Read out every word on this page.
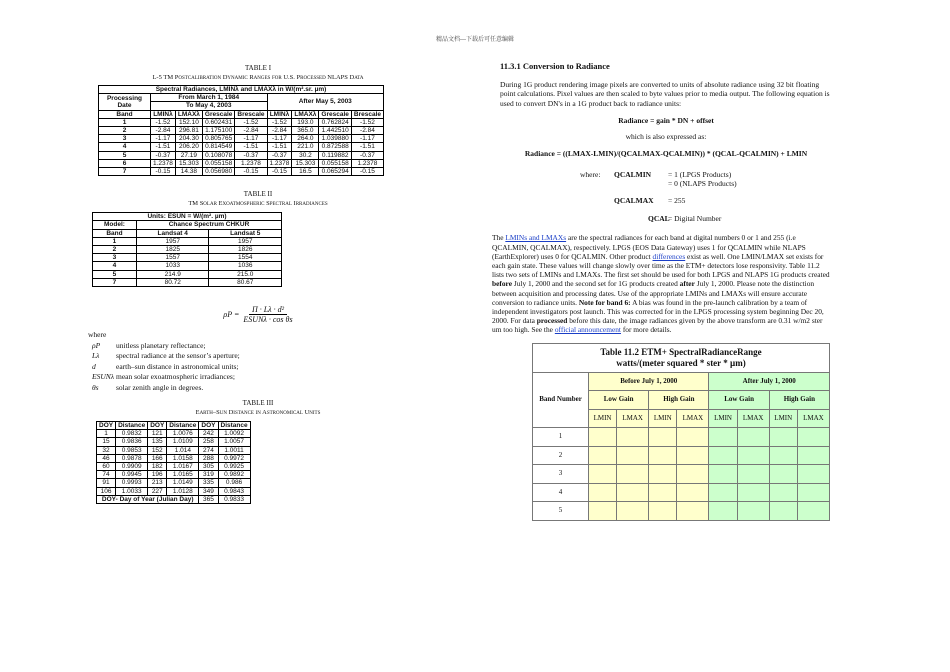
精品文档---下载后可任意编辑
TABLE I
L-5 TM Postcalibration Dynamic Ranges for U.S. Processed NLAPS Data
Spectral Radiances, LMINλ and LMAXλ in W/(m².sr. µm)								
Processing Date	From March 1, 1984				After May 5, 2003			
	To May 4, 2003							
Band	LMINλ	LMAXλ	Grescale	Brescale	LMINλ	LMAXλ	Grescale	Brescale
1	-1.52	152.10	0.602431	-1.52	-1.52	193.0	0.762824	-1.52
2	-2.84	296.81	1.175100	-2.84	-2.84	365.0	1.442510	-2.84
3	-1.17	204.30	0.805765	-1.17	-1.17	264.0	1.039880	-1.17
4	-1.51	206.20	0.814549	-1.51	-1.51	221.0	0.872588	-1.51
5	-0.37	27.19	0.108078	-0.37	-0.37	30.2	0.119882	-0.37
6	1.2378	15.303	0.055158	1.2378	1.2378	15.303	0.055158	1.2378
7	-0.15	14.38	0.056980	-0.15	-0.15	16.5	0.065294	-0.15
TABLE II
TM Solar Exoatmospheric Spectral Irradiances
Units: ESUN = W/(m². µm)		
Model:	Chance Spectrum CHKUR	
Band	Landsat 4	Landsat 5
1	1957	1957
2	1825	1826
3	1557	1554
4	1033	1036
5	214.9	215.0
7	80.72	80.67
ρP =
Π · Lλ · d²
ESUNλ · cos θs
where
ρP	unitless planetary reflectance;
Lλ	spectral radiance at the sensor’s aperture;
d	earth–sun distance in astronomical units;
ESUNλ mean solar exoatmospheric irradiances;
θs	solar zenith angle in degrees.
TABLE III
Earth–Sun Distance in Astronomical Units
DOY	Distance	DOY	Distance	DOY	Distance
1	0.9832	121	1.0076	242	1.0092
15	0.9836	135	1.0109	258	1.0057
32	0.9853	152	1.014	274	1.0011
46	0.9878	166	1.0158	288	0.9972
60	0.9909	182	1.0167	305	0.9925
74	0.9945	196	1.0165	319	0.9892
91	0.9993	213	1.0149	335	0.986
106	1.0033	227	1.0128	349	0.9843
DOY- Day of Year (Julian Day)				365	0.9833
11.3.1 Conversion to Radiance

During 1G product rendering image pixels are converted to units of absolute radiance using 32 bit floating point calculations. Pixel values are then scaled to byte values prior to media output. The following equation is used to convert DN's in a 1G product back to radiance units:

Radiance = gain * DN + offset
which is also expressed as:
Radiance = ((LMAX-LMIN)/(QCALMAX-QCALMIN)) * (QCAL-QCALMIN) + LMIN
where:	QCALMIN	= 1 (LPGS Products)
= 0 (NLAPS Products)
QCALMAX	= 255
QCAL
= Digital Number

The LMINs and LMAXs are the spectral radiances for each band at digital numbers 0 or 1 and 255 (i.e QCALMIN, QCALMAX), respectively. LPGS (EOS Data Gateway) uses 1 for QCALMIN while NLAPS (EarthExplorer) uses 0 for QCALMIN. Other product differences exist as well. One LMIN/LMAX set exists for each gain state. These values will change slowly over time as the ETM+ detectors lose responsivity. Table 11.2 lists two sets of LMINs and LMAXs. The first set should be used for both LPGS and NLAPS 1G products created before July 1, 2000 and the second set for 1G products created after July 1, 2000. Please note the distinction between acquisition and processing dates. Use of the appropriate LMINs and LMAXs will ensure accurate conversion to radiance units. Note for band 6: A bias was found in the pre-launch calibration by a team of independent investigators post launch. This was corrected for in the LPGS processing system beginning Dec 20, 2000. For data processed before this date, the image radiances given by the above transform are 0.31 w/m2 ster um too high. See the official announcement for more details.

Table 11.2 ETM+ SpectralRadianceRange
watts/(meter squared * ster * µm)								
Band Number	Before July 1, 2000				After July 1, 2000			
	Low Gain		High Gain		Low Gain		High Gain	
	LMIN	LMAX	LMIN	LMAX	LMIN	LMAX	LMIN	LMAX
1								
2								
3								
4								
5								
